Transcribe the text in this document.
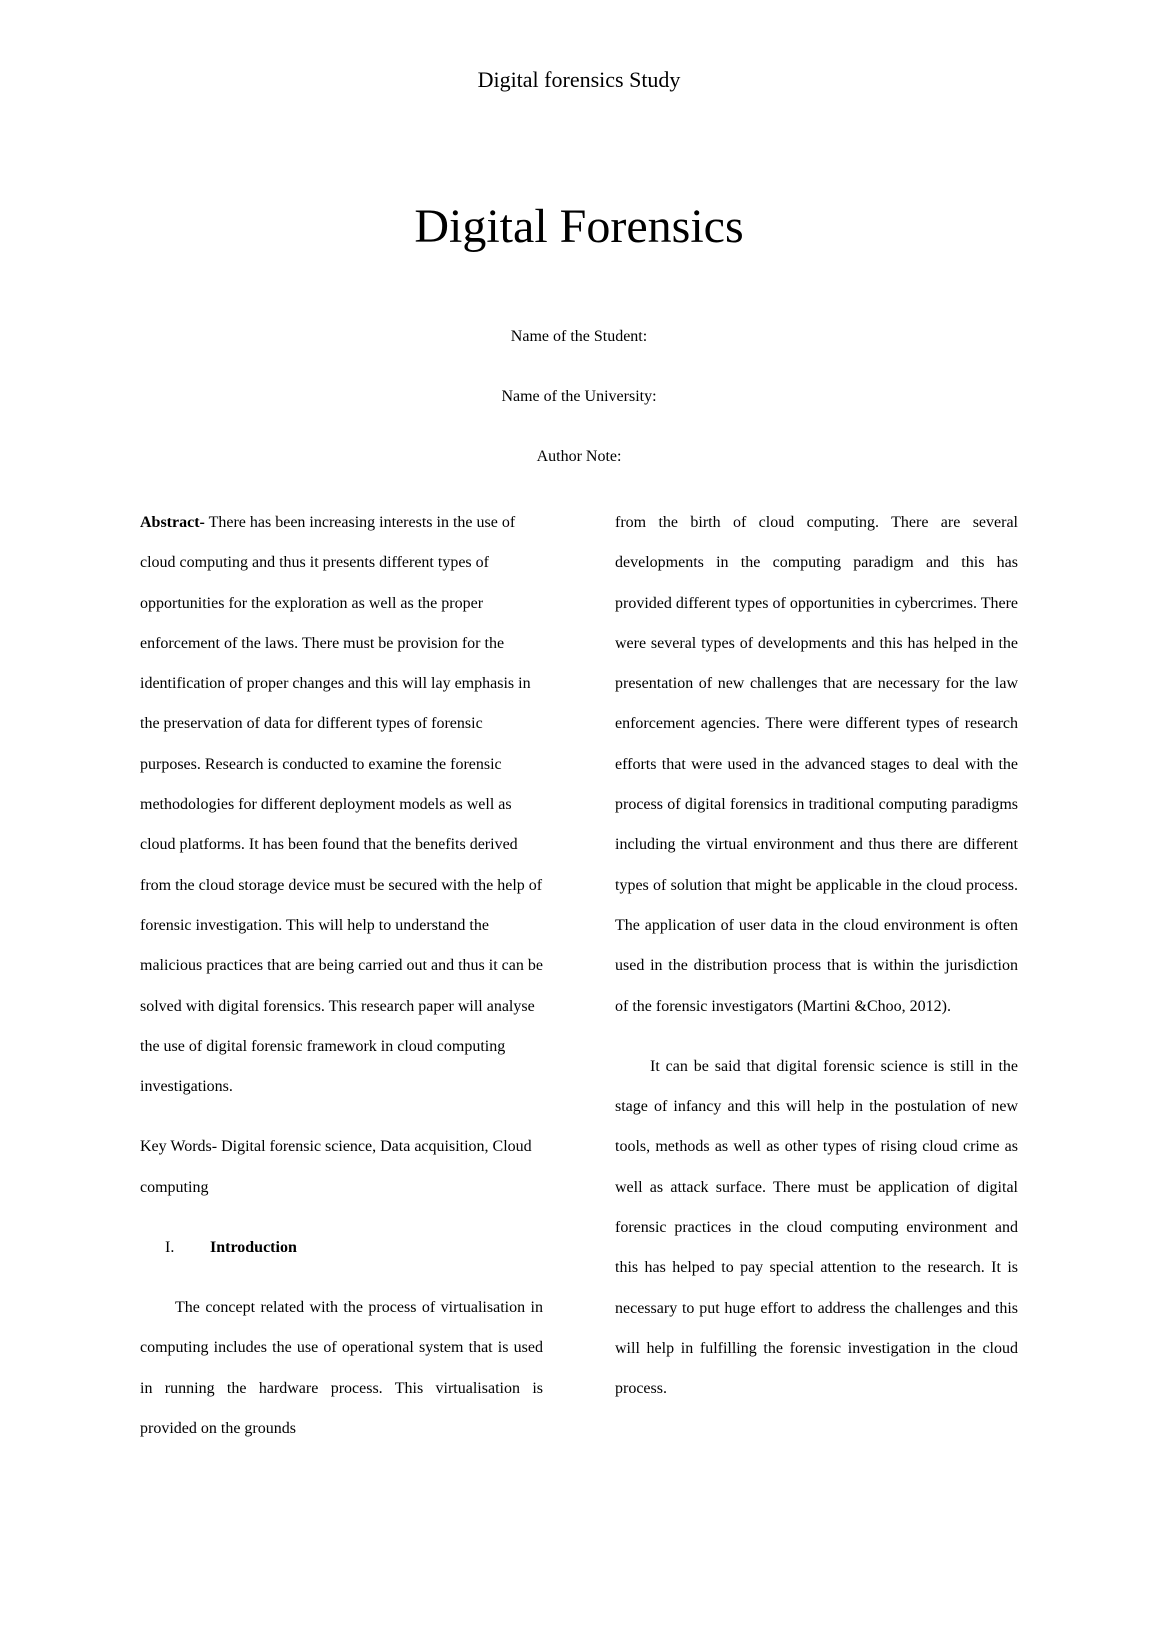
Digital forensics Study
Digital Forensics
Name of the Student:
Name of the University:
Author Note:

Abstract- There has been increasing interests in the use of cloud computing and thus it presents different types of opportunities for the exploration as well as the proper enforcement of the laws. There must be provision for the identification of proper changes and this will lay emphasis in the preservation of data for different types of forensic purposes. Research is conducted to examine the forensic methodologies for different deployment models as well as cloud platforms. It has been found that the benefits derived from the cloud storage device must be secured with the help of forensic investigation. This will help to understand the malicious practices that are being carried out and thus it can be solved with digital forensics. This research paper will analyse the use of digital forensic framework in cloud computing investigations.

Key Words- Digital forensic science, Data acquisition, Cloud computing

I. Introduction

The concept related with the process of virtualisation in computing includes the use of operational system that is used in running the hardware process. This virtualisation is provided on the grounds

from the birth of cloud computing. There are several developments in the computing paradigm and this has provided different types of opportunities in cybercrimes. There were several types of developments and this has helped in the presentation of new challenges that are necessary for the law enforcement agencies. There were different types of research efforts that were used in the advanced stages to deal with the process of digital forensics in traditional computing paradigms including the virtual environment and thus there are different types of solution that might be applicable in the cloud process. The application of user data in the cloud environment is often used in the distribution process that is within the jurisdiction of the forensic investigators (Martini &Choo, 2012).

It can be said that digital forensic science is still in the stage of infancy and this will help in the postulation of new tools, methods as well as other types of rising cloud crime as well as attack surface. There must be application of digital forensic practices in the cloud computing environment and this has helped to pay special attention to the research. It is necessary to put huge effort to address the challenges and this will help in fulfilling the forensic investigation in the cloud process.
